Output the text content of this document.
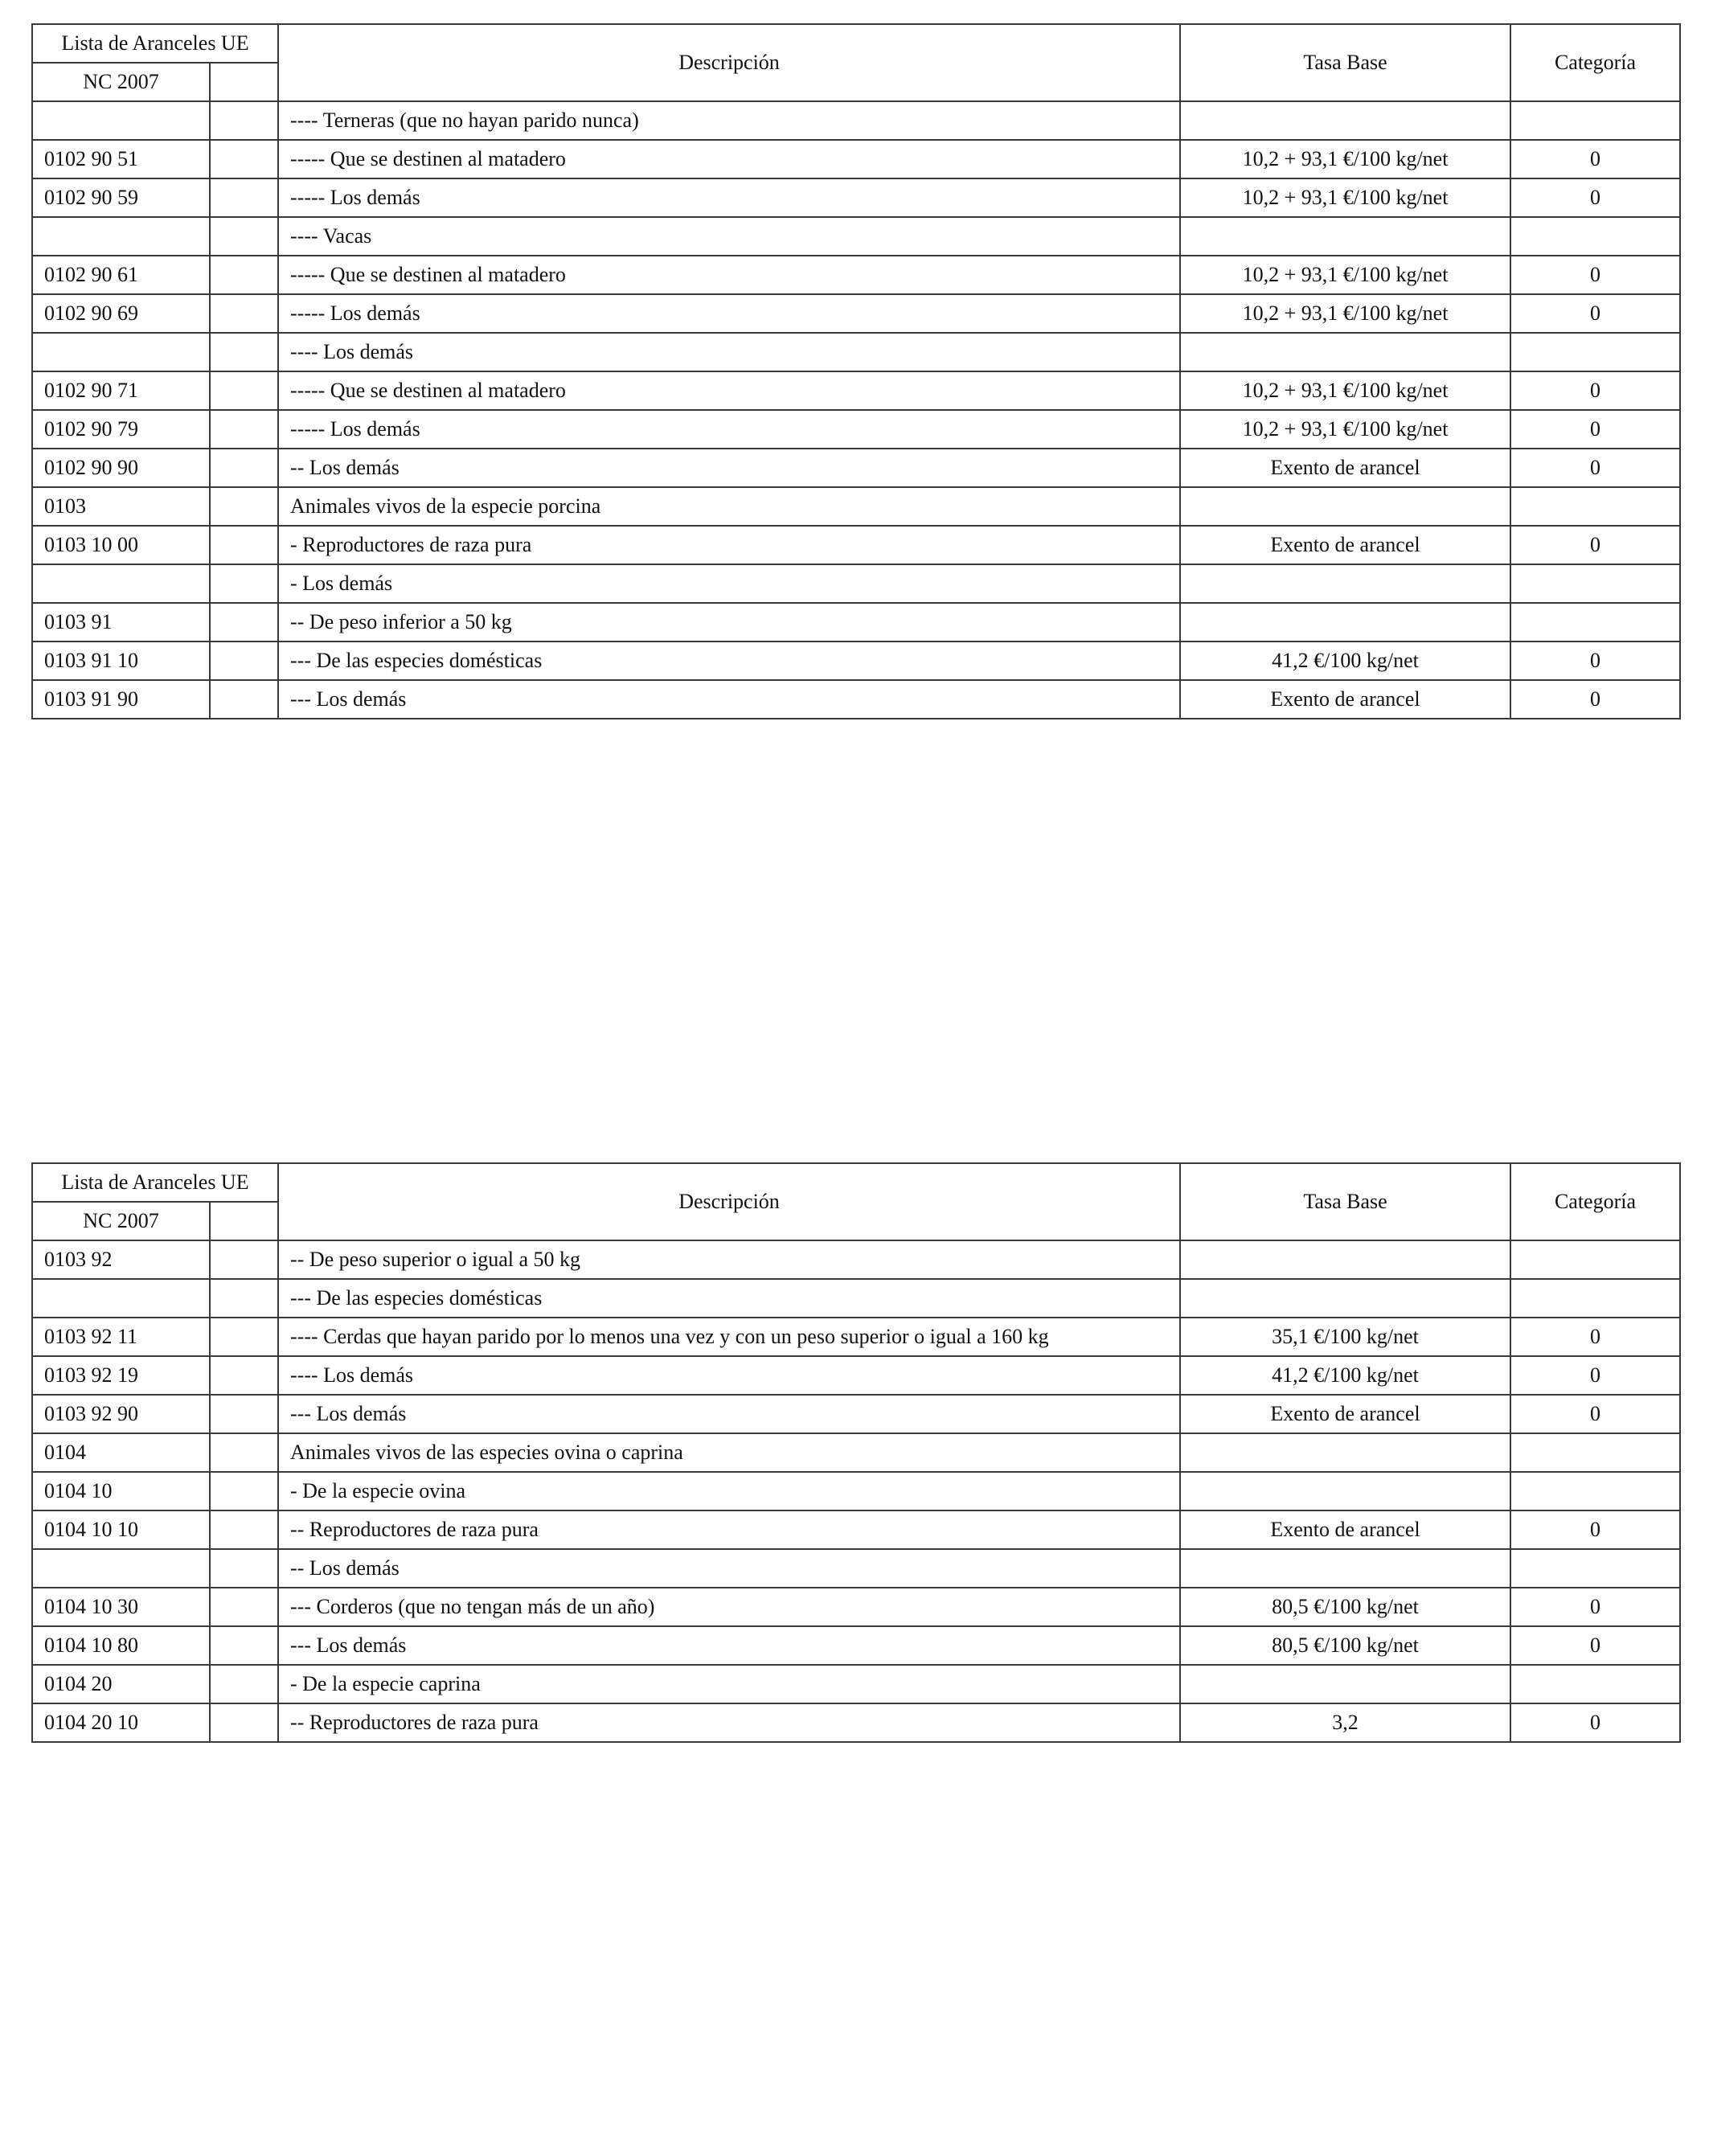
Lista de Aranceles UE		Descripción	Tasa Base	Categoría
NC 2007				
		---- Terneras (que no hayan parido nunca)		
0102 90 51		----- Que se destinen al matadero	10,2 + 93,1 €/100 kg/net	0
0102 90 59		----- Los demás	10,2 + 93,1 €/100 kg/net	0
		---- Vacas		
0102 90 61		----- Que se destinen al matadero	10,2 + 93,1 €/100 kg/net	0
0102 90 69		----- Los demás	10,2 + 93,1 €/100 kg/net	0
		---- Los demás		
0102 90 71		----- Que se destinen al matadero	10,2 + 93,1 €/100 kg/net	0
0102 90 79		----- Los demás	10,2 + 93,1 €/100 kg/net	0
0102 90 90		-- Los demás	Exento de arancel	0
0103		Animales vivos de la especie porcina		
0103 10 00		- Reproductores de raza pura	Exento de arancel	0
		- Los demás		
0103 91		-- De peso inferior a 50 kg		
0103 91 10		--- De las especies domésticas	41,2 €/100 kg/net	0
0103 91 90		--- Los demás	Exento de arancel	0
Lista de Aranceles UE		Descripción	Tasa Base	Categoría
NC 2007				
0103 92		-- De peso superior o igual a 50 kg		
		--- De las especies domésticas		
0103 92 11		---- Cerdas que hayan parido por lo menos una vez y con un peso superior o igual a 160 kg	35,1 €/100 kg/net	0
0103 92 19		---- Los demás	41,2 €/100 kg/net	0
0103 92 90		--- Los demás	Exento de arancel	0
0104		Animales vivos de las especies ovina o caprina		
0104 10		- De la especie ovina		
0104 10 10		-- Reproductores de raza pura	Exento de arancel	0
		-- Los demás		
0104 10 30		--- Corderos (que no tengan más de un año)	80,5 €/100 kg/net	0
0104 10 80		--- Los demás	80,5 €/100 kg/net	0
0104 20		- De la especie caprina		
0104 20 10		-- Reproductores de raza pura	3,2	0
